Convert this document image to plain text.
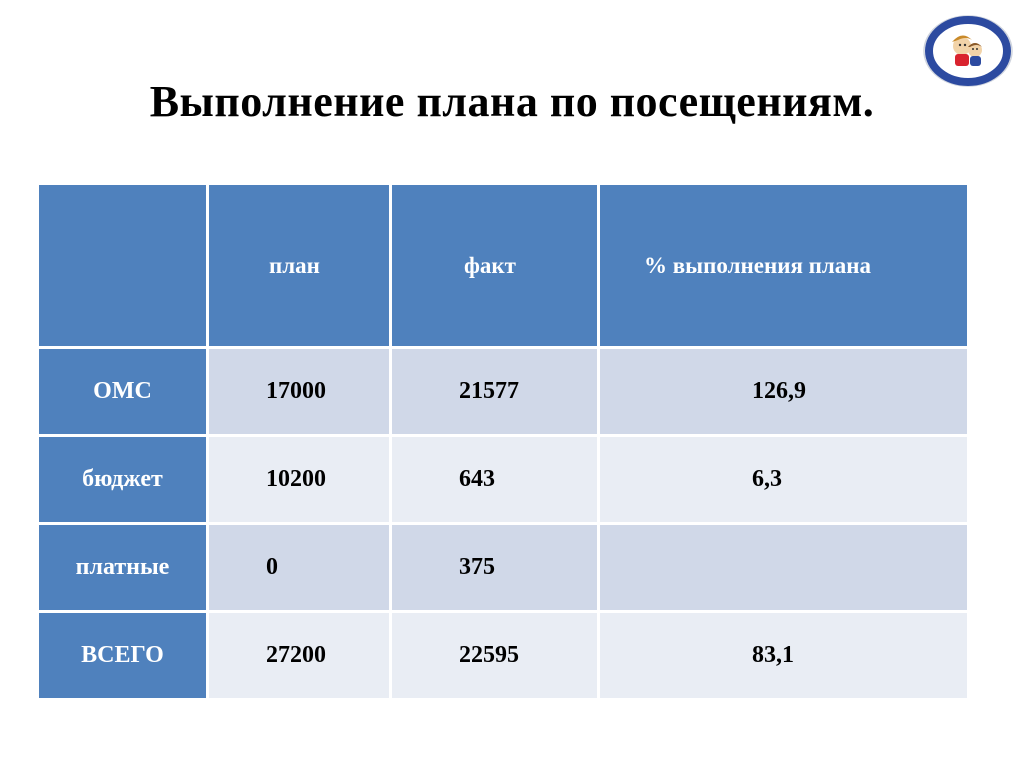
Выполнение плана по посещениям.
	план	факт	% выполнения плана
ОМС	17000	21577	126,9
бюджет	10200	643	6,3
платные	0	375	
ВСЕГО	27200	22595	83,1
